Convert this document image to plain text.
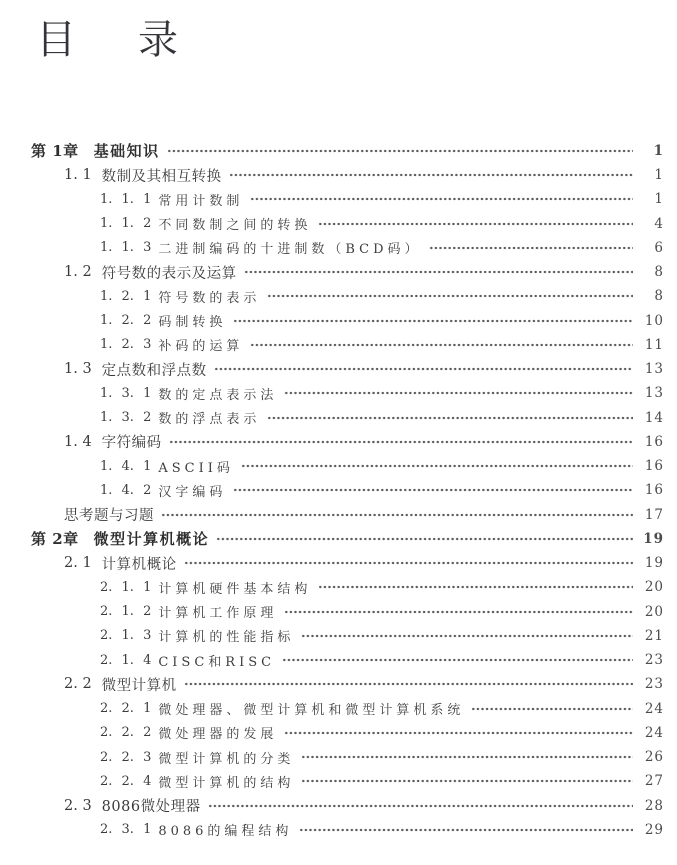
目 录
第 1章 基础知识	1
1. 1 数制及其相互转换	1
1. 1. 1 常用计数制	1
1. 1. 2 不同数制之间的转换	4
1. 1. 3 二进制编码的十进制数（BCD码）	6
1. 2 符号数的表示及运算	8
1. 2. 1 符号数的表示	8
1. 2. 2 码制转换	10
1. 2. 3 补码的运算	11
1. 3 定点数和浮点数	13
1. 3. 1 数的定点表示法	13
1. 3. 2 数的浮点表示	14
1. 4 字符编码	16
1. 4. 1 ASCII码	16
1. 4. 2 汉字编码	16
思考题与习题	17
第 2章 微型计算机概论	19
2. 1 计算机概论	19
2. 1. 1 计算机硬件基本结构	20
2. 1. 2 计算机工作原理	20
2. 1. 3 计算机的性能指标	21
2. 1. 4 CISC和RISC	23
2. 2 微型计算机	23
2. 2. 1 微处理器、微型计算机和微型计算机系统	24
2. 2. 2 微处理器的发展	24
2. 2. 3 微型计算机的分类	26
2. 2. 4 微型计算机的结构	27
2. 3 8086微处理器	28
2. 3. 1 8086的编程结构	29
